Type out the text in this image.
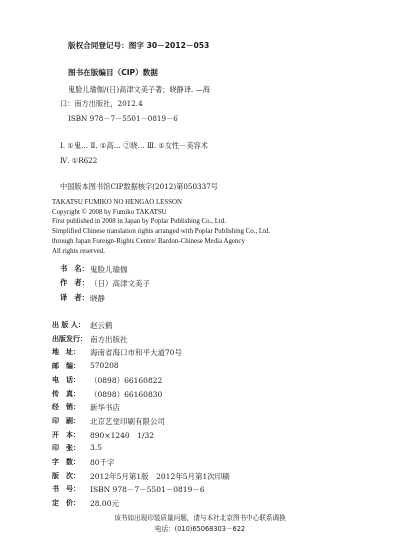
版权合同登记号：图字 30－2012－053
图书在版编目（CIP）数据
鬼脸儿瑜伽/(日)高津文美子著；晓静译. —海
口：南方出版社，2012.4
ISBN 978－7－5501－0819－6
Ⅰ. ①鬼… Ⅱ. ①高… ②晓… Ⅲ. ①女性－美容术
Ⅳ. ①R622
中国版本图书馆CIP数据核字(2012)第050337号
TAKATSU FUMIKO NO HENGAO LESSON
Copyright © 2008 by Fumiko TAKATSU
First published in 2008 in Japan by Poplar Publishing Co., Ltd.
Simplified Chinese translation rights arranged with Poplar Publishing Co., Ltd.
through Japan Foreign-Rights Centre/ Bardon-Chinese Media Agency
All rights reserved.
书　名： 鬼脸儿瑜伽
作　者： （日）高津文美子
译　者： 晓静
出 版 人： 赵云鹤
出版发行： 南方出版社
地　址： 海南省海口市和平大道70号
邮　编： 570208
电　话： （0898）66160822
传　真： （0898）66160830
经　销： 新华书店
印　刷： 北京艺堂印刷有限公司
开　本： 890×1240　1/32
印　张： 3.5
字　数： 80千字
版　次： 2012年5月第1版　2012年5月第1次印刷
书　号： ISBN 978－7－5501－0819－6
定　价： 28.00元
该书如出现印装质量问题，请与本社北京图书中心联系调换
电话：(010)65068303－622
